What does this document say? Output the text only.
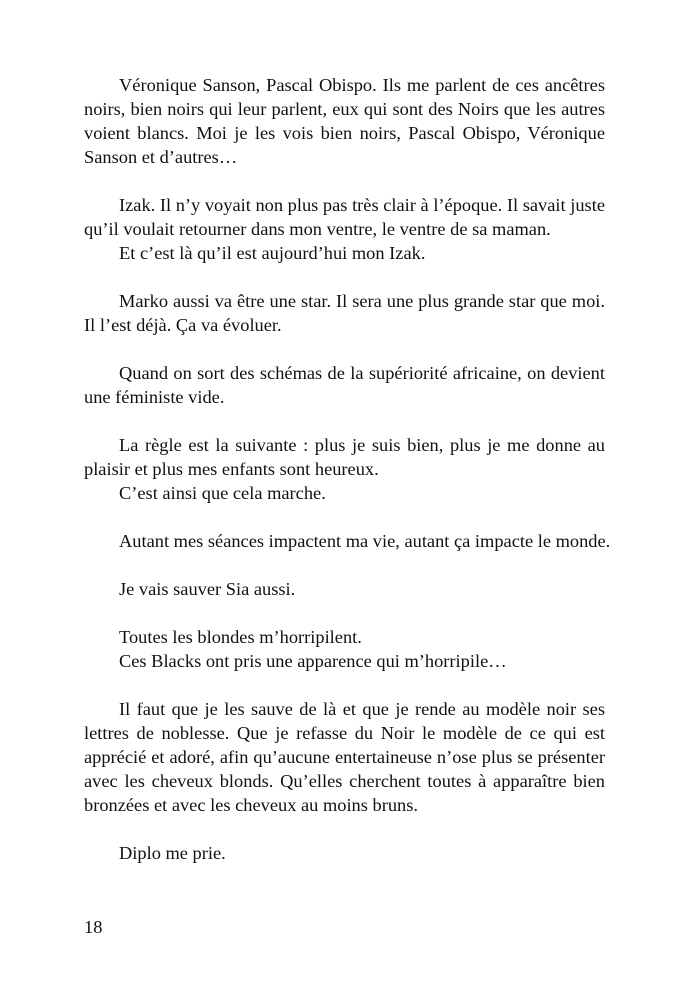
Véronique Sanson, Pascal Obispo. Ils me parlent de ces ancêtres
noirs, bien noirs qui leur parlent, eux qui sont des Noirs que les autres
voient blancs. Moi je les vois bien noirs, Pascal Obispo, Véronique
Sanson et d’autres…

Izak. Il n’y voyait non plus pas très clair à l’époque. Il savait juste
qu’il voulait retourner dans mon ventre, le ventre de sa maman.
Et c’est là qu’il est aujourd’hui mon Izak.

Marko aussi va être une star. Il sera une plus grande star que moi.
Il l’est déjà. Ça va évoluer.

Quand on sort des schémas de la supériorité africaine, on devient
une féministe vide.

La règle est la suivante : plus je suis bien, plus je me donne au
plaisir et plus mes enfants sont heureux.
C’est ainsi que cela marche.

Autant mes séances impactent ma vie, autant ça impacte le monde.

Je vais sauver Sia aussi.

Toutes les blondes m’horripilent.
Ces Blacks ont pris une apparence qui m’horripile…

Il faut que je les sauve de là et que je rende au modèle noir ses
lettres de noblesse. Que je refasse du Noir le modèle de ce qui est
apprécié et adoré, afin qu’aucune entertaineuse n’ose plus se présenter
avec les cheveux blonds. Qu’elles cherchent toutes à apparaître bien
bronzées et avec les cheveux au moins bruns.

Diplo me prie.

18
